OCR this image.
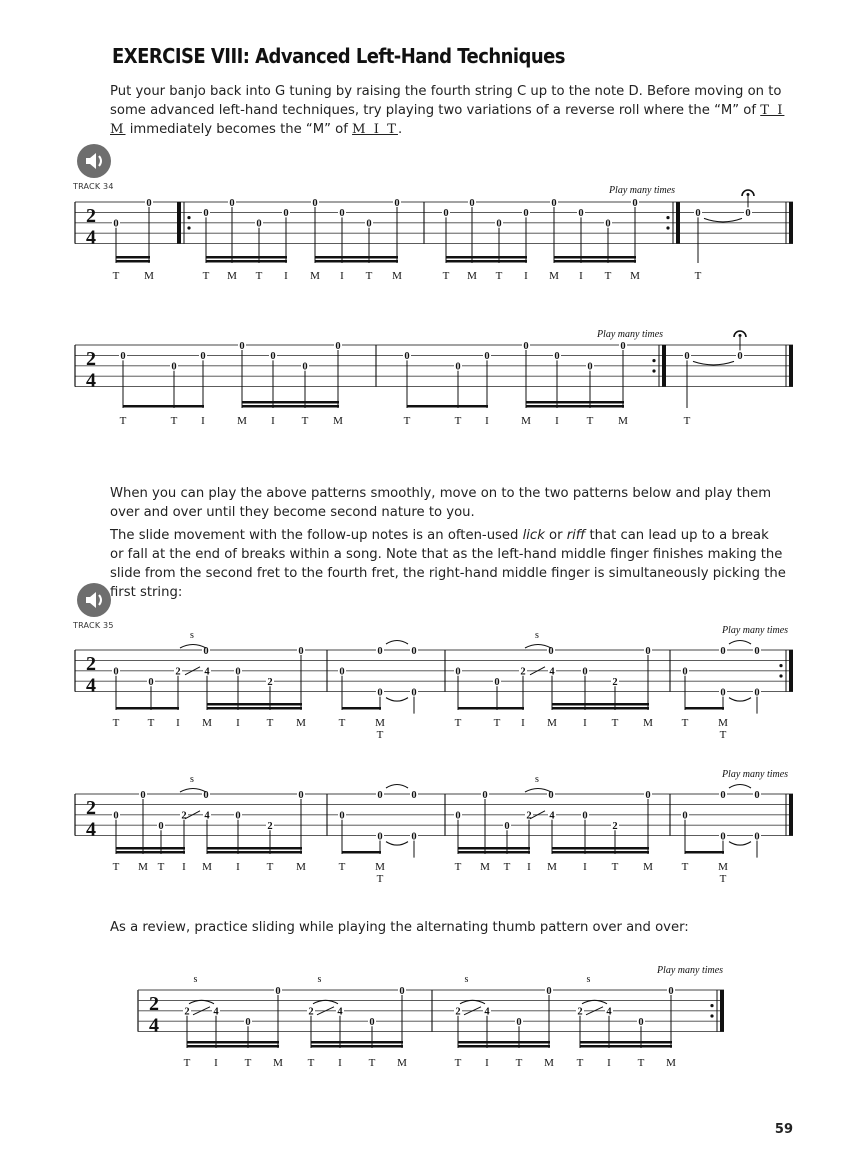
EXERCISE VIII: Advanced Left-Hand Techniques
Put your banjo back into G tuning by raising the fourth string C up to the note D. Before moving on to some advanced left-hand techniques, try playing two variations of a reverse roll where the “M” of T I M immediately becomes the “M” of M I T.
TRACK 34
When you can play the above patterns smoothly, move on to the two patterns below and play them over and over until they become second nature to you.
The slide movement with the follow-up notes is an often-used lick or riff that can lead up to a break or fall at the end of breaks within a song. Note that as the left-hand middle finger finishes making the slide from the second fret to the fourth fret, the right-hand middle finger is simultaneously picking the first string:
TRACK 35
As a review, practice sliding while playing the alternating thumb pattern over and over:
59
2
4
0
T
0
M
0
T
0
M
0
T
0
I
0
M
0
I
0
T
0
M
0
T
0
M
0
T
0
I
0
M
0
I
0
T
0
M
0	0
T
Play many times
2
4
0
T
0
T
0
I
0
M
0
I
0
T
0
M
0
T
0
T
0
I
0
M
0
I
0
T
0
M
0	0
T
Play many times
2
4
0
T
0
T
2
I
4
0
s
M
0
I
2
T
0
M
0
T
0
T
2
I
4
0
s
M
0
I
2
T
0
M
0
0	0
0	0
T	M
T
0
0	0
0	0
T	M
T
Play many times
2
4
0
T
0
M
0
T
2
I
4
0
s
M
0
I
2
T
0
M
0
T
0
M
0
T
2
I
4
0
s
M
0
I
2
T
0
M
0
0	0
0	0
T	M
T
0
0	0
0	0
T	M
T
Play many times
2
4
2 4
s
0
0
T I T M
2 4
s
0
0
T I T M
2 4
s
0
0
T I T M
2 4
s
0
0
T I T M
Play many times
